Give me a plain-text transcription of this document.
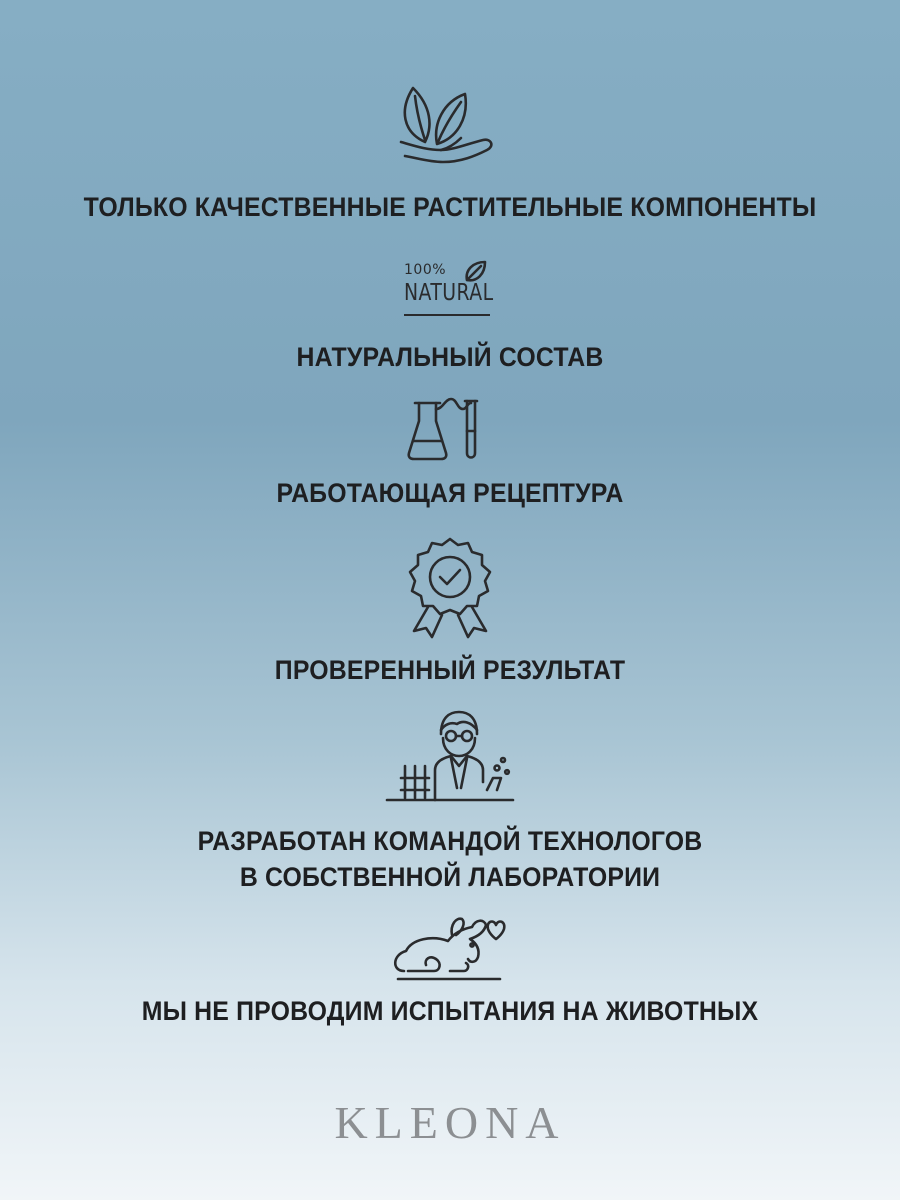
ТОЛЬКО КАЧЕСТВЕННЫЕ РАСТИТЕЛЬНЫЕ КОМПОНЕНТЫ
100%
NATURAL
НАТУРАЛЬНЫЙ СОСТАВ
РАБОТАЮЩАЯ РЕЦЕПТУРА
ПРОВЕРЕННЫЙ РЕЗУЛЬТАТ
РАЗРАБОТАН КОМАНДОЙ ТЕХНОЛОГОВ
В СОБСТВЕННОЙ ЛАБОРАТОРИИ
МЫ НЕ ПРОВОДИМ ИСПЫТАНИЯ НА ЖИВОТНЫХ
KLEONA
